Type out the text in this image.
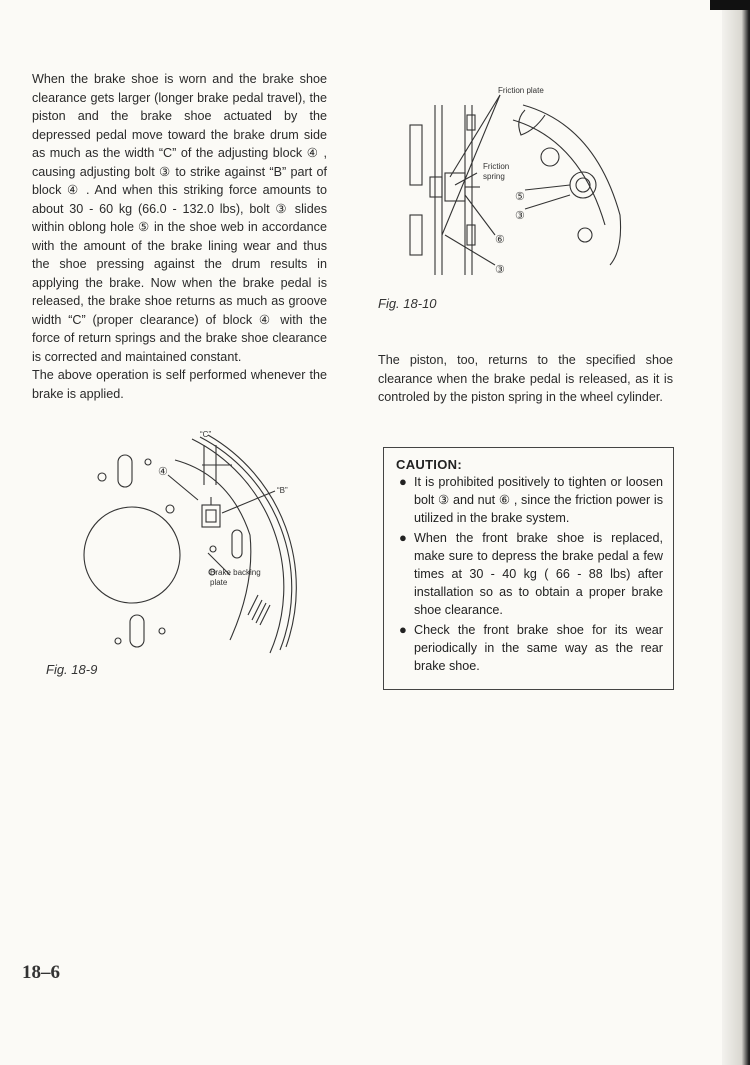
When the brake shoe is worn and the brake shoe clearance gets larger (longer brake pedal travel), the piston and the brake shoe actuated by the depressed pedal move toward the brake drum side as much as the width “C” of the adjusting block ④ , causing adjusting bolt ③ to strike against “B” part of block ④ . And when this striking force amounts to about 30 - 60 kg (66.0 - 132.0 lbs), bolt ③ slides within oblong hole ⑤ in the shoe web in accordance with the amount of the brake lining wear and thus the shoe pressing against the drum results in applying the brake. Now when the brake pedal is released, the brake shoe returns as much as groove width “C” (proper clearance) of block ④ with the force of return springs and the brake shoe clearance is corrected and maintained constant.
The above operation is self performed whenever the brake is applied.

“C”
“B”
④
Brake backing
plate
Fig. 18-9
Friction plate
Friction
spring
⑤
③
⑥
③
Fig. 18-10

The piston, too, returns to the specified shoe clearance when the brake pedal is released, as it is controled by the piston spring in the wheel cylinder.

CAUTION:
● It is prohibited positively to tighten or loosen bolt ③ and nut ⑥ , since the friction power is utilized in the brake system.
● When the front brake shoe is replaced, make sure to depress the brake pedal a few times at 30 - 40 kg ( 66 - 88 lbs) after installation so as to obtain a proper brake shoe clearance.
● Check the front brake shoe for its wear periodically in the same way as the rear brake shoe.
18–6
